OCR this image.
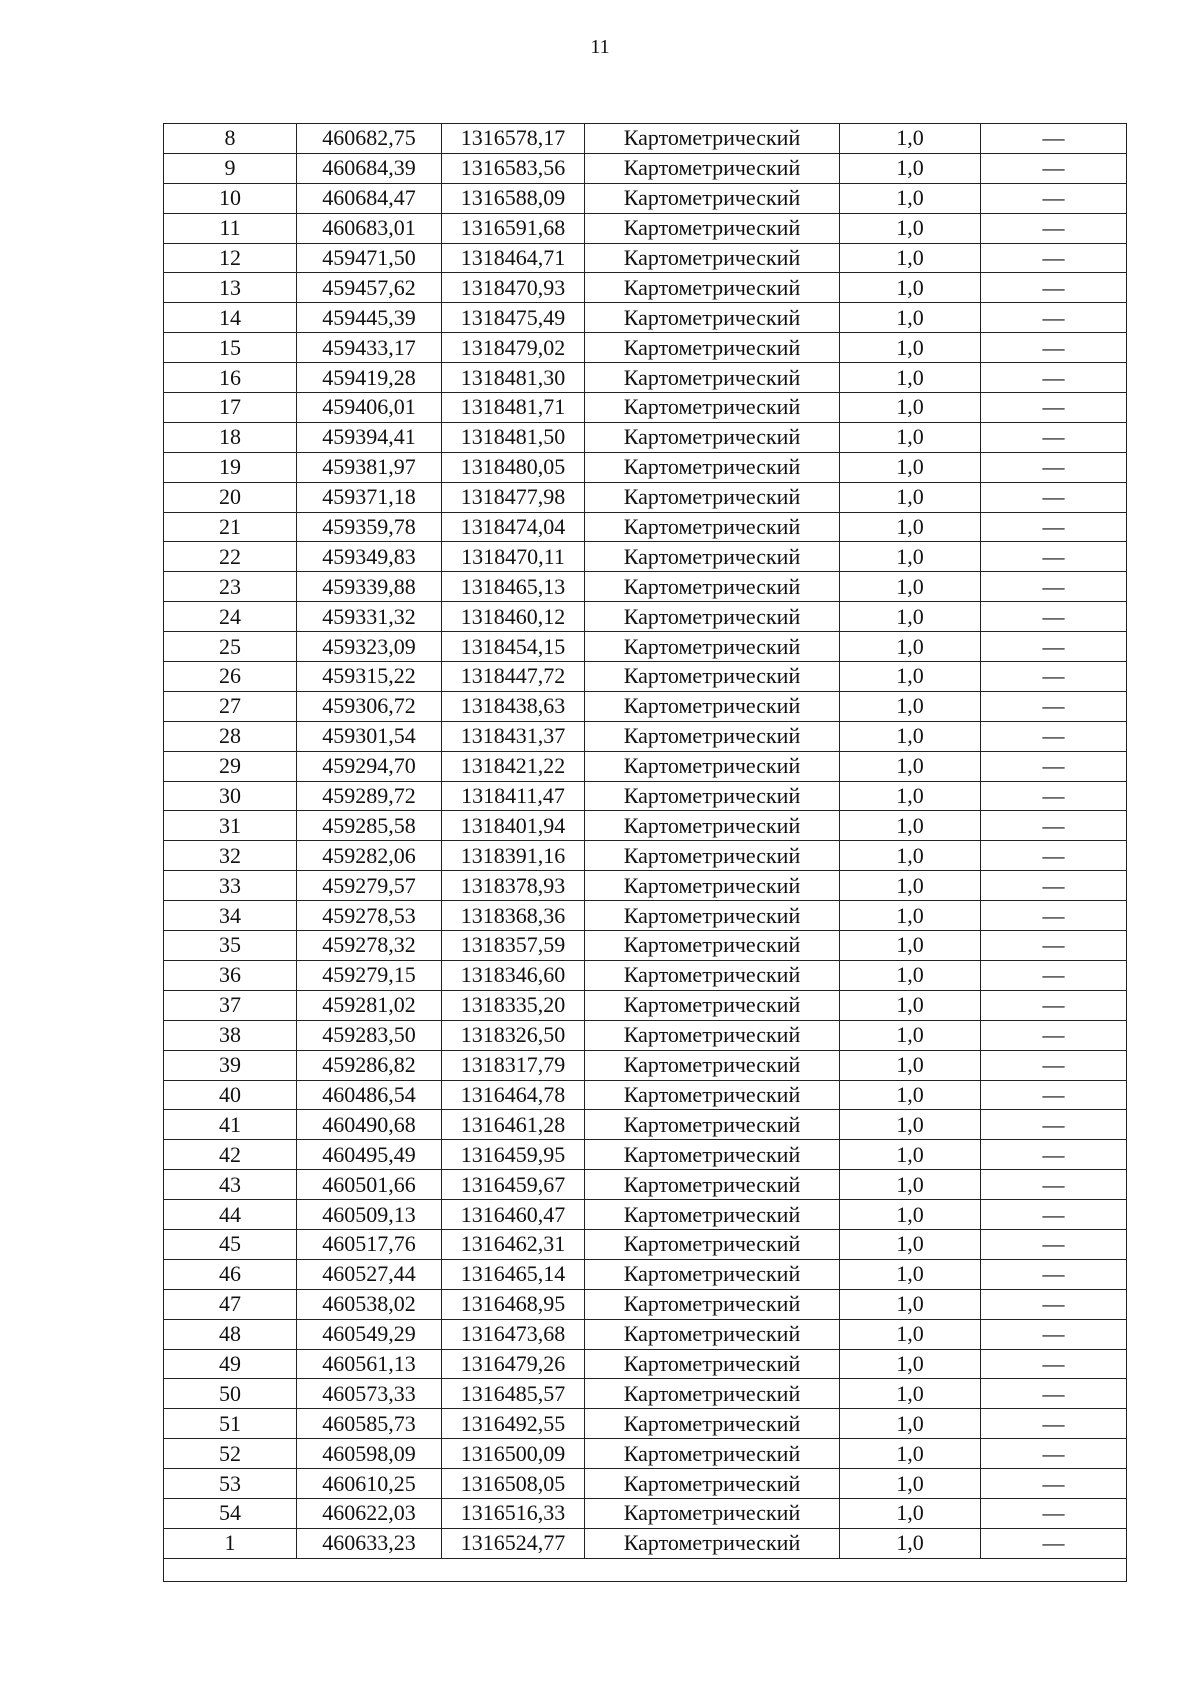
11
8	460682,75	1316578,17	Картометрический	1,0	—
9	460684,39	1316583,56	Картометрический	1,0	—
10	460684,47	1316588,09	Картометрический	1,0	—
11	460683,01	1316591,68	Картометрический	1,0	—
12	459471,50	1318464,71	Картометрический	1,0	—
13	459457,62	1318470,93	Картометрический	1,0	—
14	459445,39	1318475,49	Картометрический	1,0	—
15	459433,17	1318479,02	Картометрический	1,0	—
16	459419,28	1318481,30	Картометрический	1,0	—
17	459406,01	1318481,71	Картометрический	1,0	—
18	459394,41	1318481,50	Картометрический	1,0	—
19	459381,97	1318480,05	Картометрический	1,0	—
20	459371,18	1318477,98	Картометрический	1,0	—
21	459359,78	1318474,04	Картометрический	1,0	—
22	459349,83	1318470,11	Картометрический	1,0	—
23	459339,88	1318465,13	Картометрический	1,0	—
24	459331,32	1318460,12	Картометрический	1,0	—
25	459323,09	1318454,15	Картометрический	1,0	—
26	459315,22	1318447,72	Картометрический	1,0	—
27	459306,72	1318438,63	Картометрический	1,0	—
28	459301,54	1318431,37	Картометрический	1,0	—
29	459294,70	1318421,22	Картометрический	1,0	—
30	459289,72	1318411,47	Картометрический	1,0	—
31	459285,58	1318401,94	Картометрический	1,0	—
32	459282,06	1318391,16	Картометрический	1,0	—
33	459279,57	1318378,93	Картометрический	1,0	—
34	459278,53	1318368,36	Картометрический	1,0	—
35	459278,32	1318357,59	Картометрический	1,0	—
36	459279,15	1318346,60	Картометрический	1,0	—
37	459281,02	1318335,20	Картометрический	1,0	—
38	459283,50	1318326,50	Картометрический	1,0	—
39	459286,82	1318317,79	Картометрический	1,0	—
40	460486,54	1316464,78	Картометрический	1,0	—
41	460490,68	1316461,28	Картометрический	1,0	—
42	460495,49	1316459,95	Картометрический	1,0	—
43	460501,66	1316459,67	Картометрический	1,0	—
44	460509,13	1316460,47	Картометрический	1,0	—
45	460517,76	1316462,31	Картометрический	1,0	—
46	460527,44	1316465,14	Картометрический	1,0	—
47	460538,02	1316468,95	Картометрический	1,0	—
48	460549,29	1316473,68	Картометрический	1,0	—
49	460561,13	1316479,26	Картометрический	1,0	—
50	460573,33	1316485,57	Картометрический	1,0	—
51	460585,73	1316492,55	Картометрический	1,0	—
52	460598,09	1316500,09	Картометрический	1,0	—
53	460610,25	1316508,05	Картометрический	1,0	—
54	460622,03	1316516,33	Картометрический	1,0	—
1	460633,23	1316524,77	Картометрический	1,0	—
